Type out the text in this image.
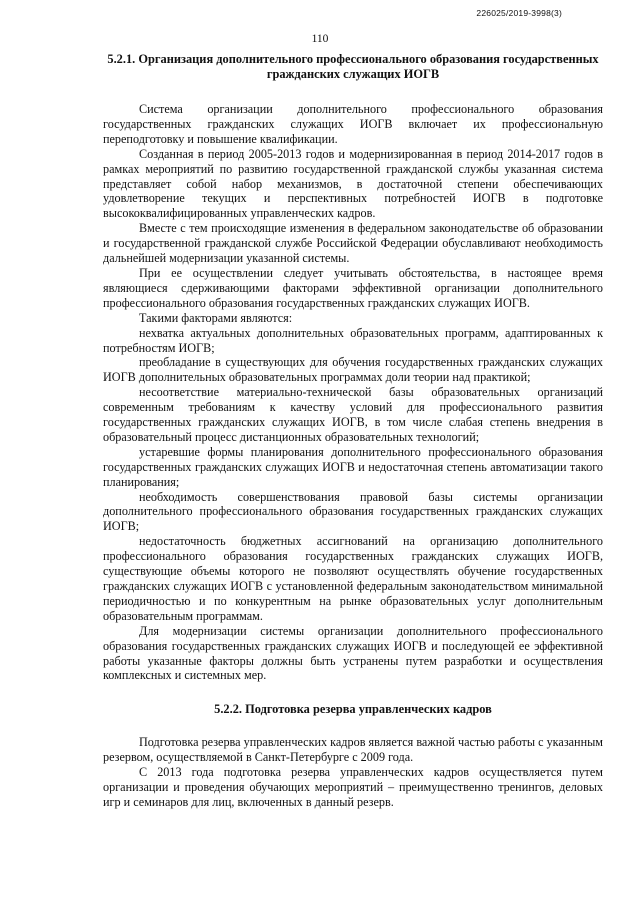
226025/2019-3998(3)
110
5.2.1. Организация дополнительного профессионального образования государственных гражданских служащих ИОГВ

Система организации дополнительного профессионального образования государственных гражданских служащих ИОГВ включает их профессиональную переподготовку и повышение квалификации.

Созданная в период 2005-2013 годов и модернизированная в период 2014-2017 годов в рамках мероприятий по развитию государственной гражданской службы указанная система представляет собой набор механизмов, в достаточной степени обеспечивающих удовлетворение текущих и перспективных потребностей ИОГВ в подготовке высококвалифицированных управленческих кадров.

Вместе с тем происходящие изменения в федеральном законодательстве об образовании и государственной гражданской службе Российской Федерации обуславливают необходимость дальнейшей модернизации указанной системы.

При ее осуществлении следует учитывать обстоятельства, в настоящее время являющиеся сдерживающими факторами эффективной организации дополнительного профессионального образования государственных гражданских служащих ИОГВ.

Такими факторами являются:

нехватка актуальных дополнительных образовательных программ, адаптированных к потребностям ИОГВ;

преобладание в существующих для обучения государственных гражданских служащих ИОГВ дополнительных образовательных программах доли теории над практикой;

несоответствие материально-технической базы образовательных организаций современным требованиям к качеству условий для профессионального развития государственных гражданских служащих ИОГВ, в том числе слабая степень внедрения в образовательный процесс дистанционных образовательных технологий;

устаревшие формы планирования дополнительного профессионального образования государственных гражданских служащих ИОГВ и недостаточная степень автоматизации такого планирования;

необходимость совершенствования правовой базы системы организации дополнительного профессионального образования государственных гражданских служащих ИОГВ;

недостаточность бюджетных ассигнований на организацию дополнительного профессионального образования государственных гражданских служащих ИОГВ, существующие объемы которого не позволяют осуществлять обучение государственных гражданских служащих ИОГВ с установленной федеральным законодательством минимальной периодичностью и по конкурентным на рынке образовательных услуг дополнительным образовательным программам.

Для модернизации системы организации дополнительного профессионального образования государственных гражданских служащих ИОГВ и последующей ее эффективной работы указанные факторы должны быть устранены путем разработки и осуществления комплексных и системных мер.

5.2.2. Подготовка резерва управленческих кадров

Подготовка резерва управленческих кадров является важной частью работы с указанным резервом, осуществляемой в Санкт-Петербурге с 2009 года.

С 2013 года подготовка резерва управленческих кадров осуществляется путем организации и проведения обучающих мероприятий – преимущественно тренингов, деловых игр и семинаров для лиц, включенных в данный резерв.
